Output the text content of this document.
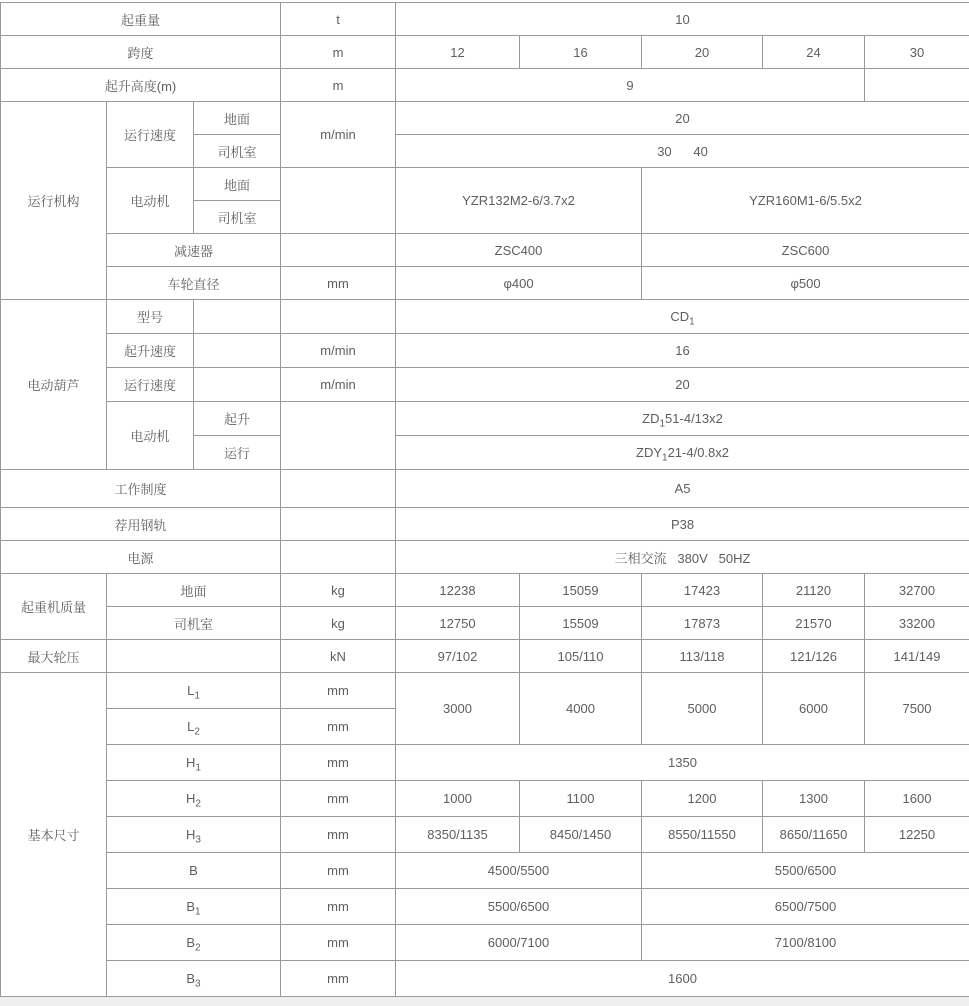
起重量			t	10				
跨度			m	12	16	20	24	30
起升高度(m)			m	9				
运行机构	运行速度	地面	m/min	20				
		司机室		30      40				
	电动机	地面		YZR132M2-6/3.7x2		YZR160M1-6/5.5x2		
		司机室						
	减速器			ZSC400		ZSC600		
	车轮直径		mm	φ400		φ500		
电动葫芦	型号			$CD_1$
	起升速度		m/min	16				
	运行速度		m/min	20				
	电动机	起升		$ZD_151-4/13x2$				
		运行		$ZDY_121-4/0.8x2$				
工作制度				A5				
荐用钢轨				P38				
电源				三相交流   380V   50HZ				
起重机质量	地面		kg	12238	15059	17423	21120	32700
	司机室		kg	12750	15509	17873	21570	33200
最大轮压			kN	97/102	105/110	113/118	121/126	141/149
基本尺寸	$L_1$		mm	3000	4000	5000	6000	7500
	$L_2$		mm					
	$H_1$		mm	1350				
	$H_2$		mm	1000	1100	1200	1300	1600
	$H_3$		mm	8350/1135	8450/1450	8550/11550	8650/11650	12250
	B		mm	4500/5500		5500/6500		
	$B_1$		mm	5500/6500		6500/7500		
	$B_2$		mm	6000/7100		7100/8100		
	$B_3$		mm	1600				
